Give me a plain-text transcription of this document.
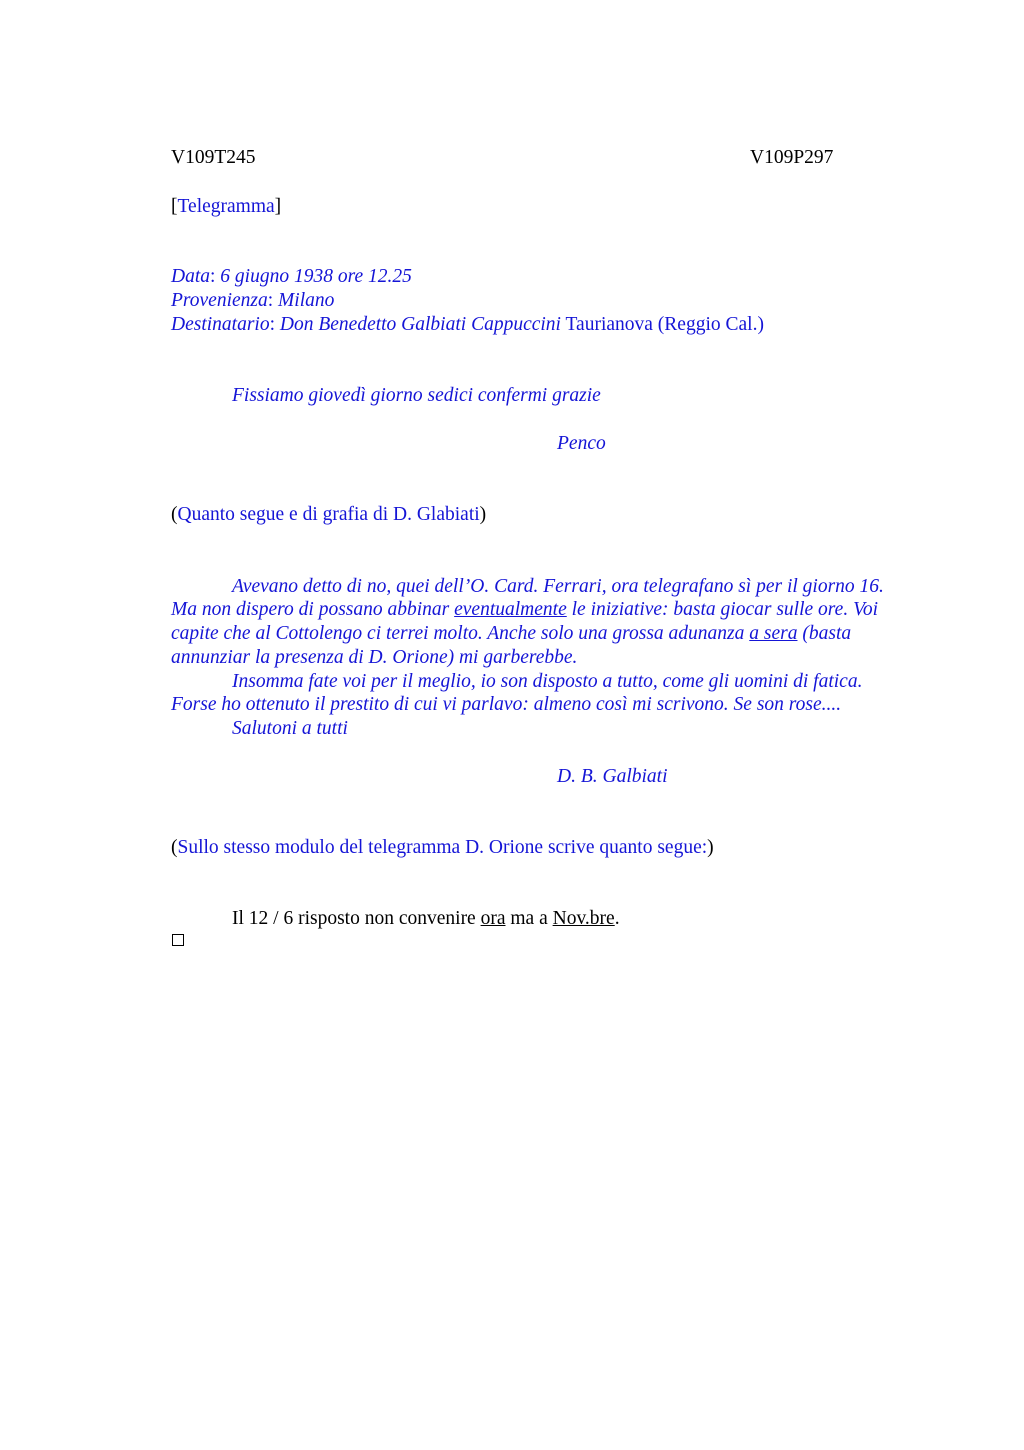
V109T245	V109P297
[Telegramma]
Data: 6 giugno 1938 ore 12.25
Provenienza: Milano
Destinatario: Don Benedetto Galbiati Cappuccini Taurianova (Reggio Cal.)
Fissiamo giovedì giorno sedici confermi grazie
Penco
(Quanto segue e di grafia di D. Glabiati)
Avevano detto di no, quei dell’O. Card. Ferrari, ora telegrafano sì per il giorno 16.
Ma non dispero di possano abbinar eventualmente le iniziative: basta giocar sulle ore. Voi
capite che al Cottolengo ci terrei molto. Anche solo una grossa adunanza a sera (basta
annunziar la presenza di D. Orione) mi garberebbe.
Insomma fate voi per il meglio, io son disposto a tutto, come gli uomini di fatica.
Forse ho ottenuto il prestito di cui vi parlavo: almeno così mi scrivono. Se son rose....
Salutoni a tutti
D. B. Galbiati
(Sullo stesso modulo del telegramma D. Orione scrive quanto segue:)
Il 12 / 6 risposto non convenire ora ma a Nov.bre.
